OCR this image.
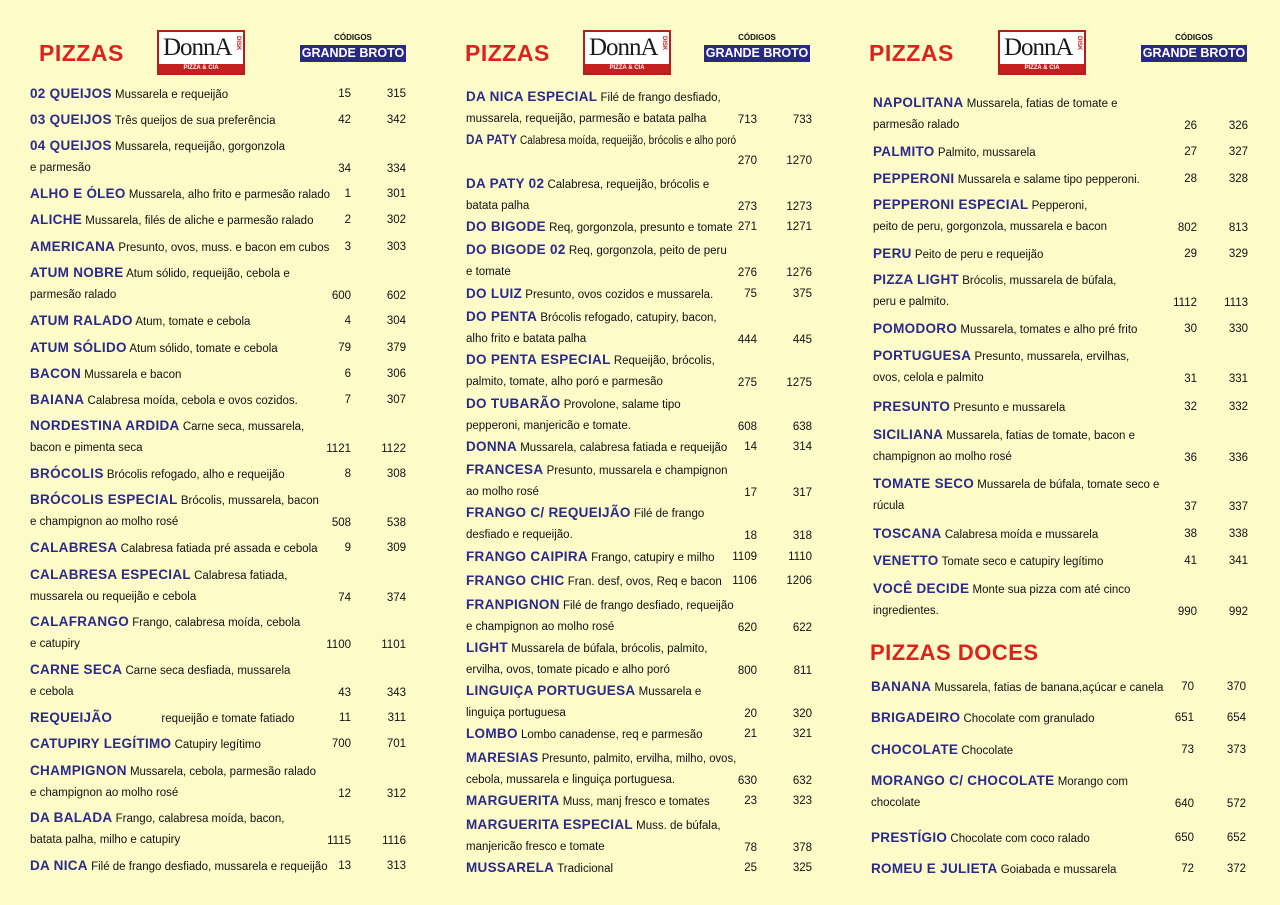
PIZZAS DonnA DISK
PIZZA & CIA
CÓDIGOS
GRANDE BROTO	PIZZAS DonnA DISK
PIZZA & CIA
CÓDIGOS
GRANDE BROTO	PIZZAS DonnA DISK
PIZZA & CIA
CÓDIGOS
GRANDE BROTO
02 QUEIJOS Mussarela e requeijão	15	315
03 QUEIJOS Três queijos de sua preferência	42	342
04 QUEIJOS Mussarela, requeijão, gorgonzola
e parmesão	34	334
ALHO E ÓLEO Mussarela, alho frito e parmesão ralado	1	301
ALICHE Mussarela, filés de aliche e parmesão ralado	2	302
AMERICANA Presunto, ovos, muss. e bacon em cubos	3	303
ATUM NOBRE Atum sólido, requeijão, cebola e
parmesão ralado	600	602
ATUM RALADO Atum, tomate e cebola	4	304
ATUM SÓLIDO Atum sólido, tomate e cebola	79	379
BACON Mussarela e bacon	6	306
BAIANA Calabresa moída, cebola e ovos cozidos.	7	307
NORDESTINA ARDIDA Carne seca, mussarela,
bacon e pimenta seca	1121	1122
BRÓCOLIS Brócolis refogado, alho e requeijão	8	308
BRÓCOLIS ESPECIAL Brócolis, mussarela, bacon
e champignon ao molho rosé	508	538
CALABRESA Calabresa fatiada pré assada e cebola	9	309
CALABRESA ESPECIAL Calabresa fatiada,
mussarela ou requeijão e cebola	74	374
CALAFRANGO Frango, calabresa moída, cebola
e catupiry	1100	1101
CARNE SECA Carne seca desfiada, mussarela
e cebola	43	343
REQUEIJÃO	requeijão e tomate fatiado	11	311
CATUPIRY LEGÍTIMO Catupiry legítimo	700	701
CHAMPIGNON Mussarela, cebola, parmesão ralado
e champignon ao molho rosé	12	312
DA BALADA Frango, calabresa moída, bacon,
batata palha, milho e catupiry	1115	1116
DA NICA Filé de frango desfiado, mussarela e requeijão 13	313
DA NICA ESPECIAL Filé de frango desfiado,
mussarela, requeijão, parmesão e batata palha	713	733
DA PATY Calabresa moída, requeijão, brócolis e alho poró
270	1270
DA PATY 02 Calabresa, requeijão, brócolis e
batata palha	273	1273
DO BIGODE Req, gorgonzola, presunto e tomate 271	1271
DO BIGODE 02 Req, gorgonzola, peito de peru
e tomate	276	1276
DO LUIZ Presunto, ovos cozidos e mussarela.	75	375
DO PENTA Brócolis refogado, catupiry, bacon,
alho frito e batata palha	444	445
DO PENTA ESPECIAL Requeijão, brócolis,
palmito, tomate, alho poró e parmesão	275	1275
DO TUBARÃO Provolone, salame tipo
pepperoni, manjericão e tomate.	608	638
DONNA Mussarela, calabresa fatiada e requeijão	14	314
FRANCESA Presunto, mussarela e champignon
ao molho rosé	17	317
FRANGO C/ REQUEIJÃO Filé de frango
desfiado e requeijão.	18	318
FRANGO CAIPIRA Frango, catupiry e milho	1109	1110
FRANGO CHIC Fran. desf, ovos, Req e bacon 1106	1206
FRANPIGNON Filé de frango desfiado, requeijão
e champignon ao molho rosé	620	622
LIGHT Mussarela de búfala, brócolis, palmito,
ervilha, ovos, tomate picado e alho poró	800	811
LINGUIÇA PORTUGUESA Mussarela e
linguiça portuguesa	20	320
LOMBO Lombo canadense, req e parmesão	21	321
MARESIAS Presunto, palmito, ervilha, milho, ovos,
cebola, mussarela e linguiça portuguesa.	630	632
MARGUERITA Muss, manj fresco e tomates	23	323
MARGUERITA ESPECIAL Muss. de búfala,
manjericão fresco e tomate	78	378
MUSSARELA Tradicional	25	325
NAPOLITANA Mussarela, fatias de tomate e
parmesão ralado	26	326
PALMITO Palmito, mussarela	27	327
PEPPERONI Mussarela e salame tipo pepperoni.	28	328
PEPPERONI ESPECIAL Pepperoni,
peito de peru, gorgonzola, mussarela e bacon	802	813
PERU Peito de peru e requeijão	29	329
PIZZA LIGHT Brócolis, mussarela de búfala,
peru e palmito.	1112	1113
POMODORO Mussarela, tomates e alho pré frito	30	330
PORTUGUESA Presunto, mussarela, ervilhas,
ovos, celola e palmito	31	331
PRESUNTO Presunto e mussarela	32	332
SICILIANA Mussarela, fatias de tomate, bacon e
champignon ao molho rosé	36	336
TOMATE SECO Mussarela de búfala, tomate seco e
rúcula	37	337
TOSCANA Calabresa moída e mussarela	38	338
VENETTO Tomate seco e catupiry legítimo	41	341
VOCÊ DECIDE Monte sua pizza com até cinco
ingredientes.	990	992
BANANA Mussarela, fatias de banana,açúcar e canela	70	370
BRIGADEIRO Chocolate com granulado	651	654
CHOCOLATE Chocolate	73	373
MORANGO C/ CHOCOLATE Morango com
chocolate	640	572
PRESTÍGIO Chocolate com coco ralado	650	652
ROMEU E JULIETA Goiabada e mussarela	72	372
PIZZAS DOCES
